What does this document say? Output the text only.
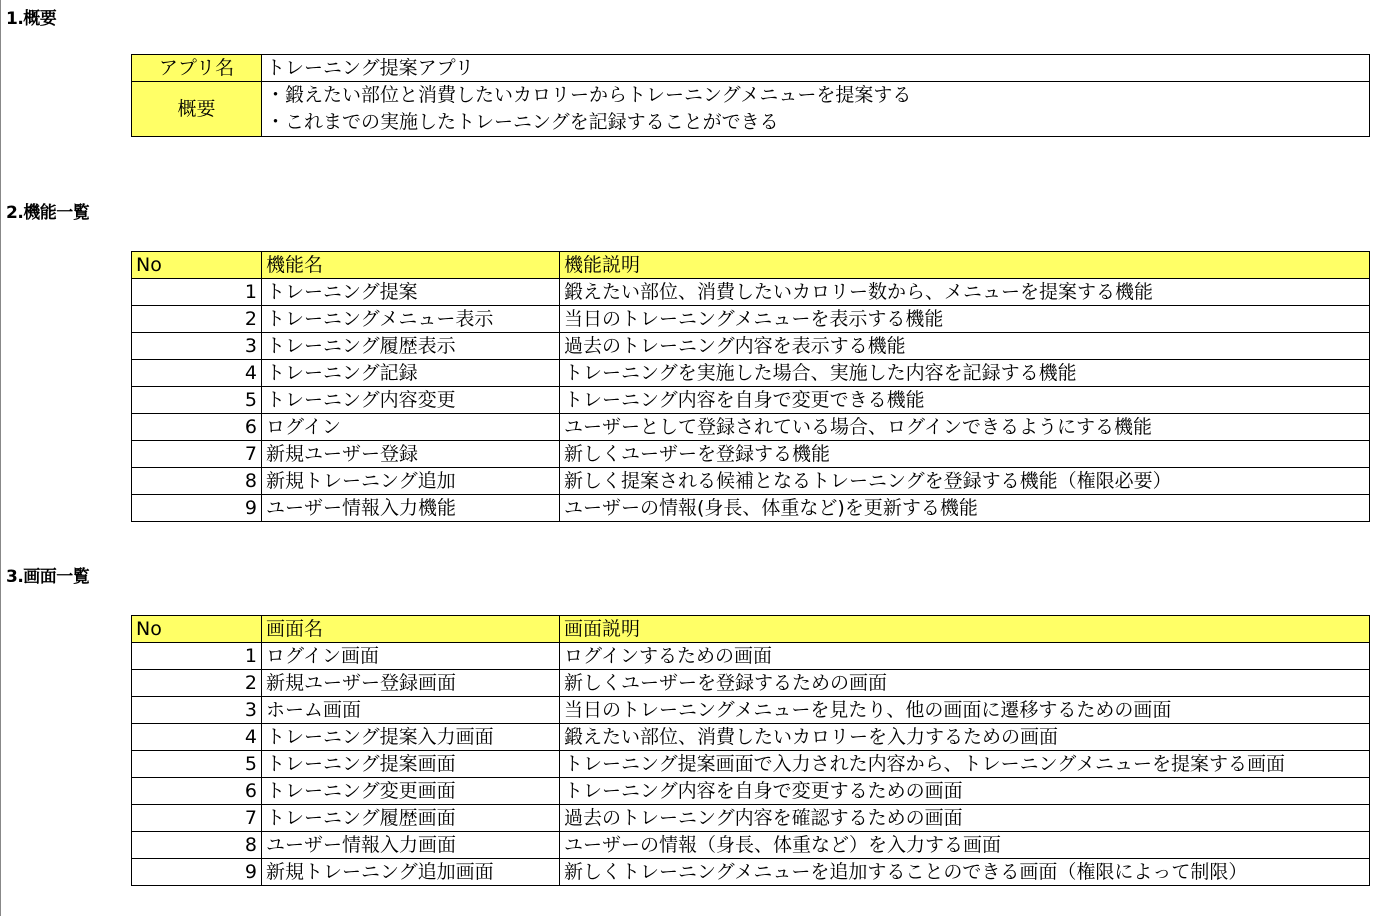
1.概要
アプリ名	トレーニング提案アプリ
概要	・鍛えたい部位と消費したいカロリーからトレーニングメニューを提案する
・これまでの実施したトレーニングを記録することができる
2.機能一覧
No	機能名	機能説明
1	トレーニング提案	鍛えたい部位、消費したいカロリー数から、メニューを提案する機能
2	トレーニングメニュー表示	当日のトレーニングメニューを表示する機能
3	トレーニング履歴表示	過去のトレーニング内容を表示する機能
4	トレーニング記録	トレーニングを実施した場合、実施した内容を記録する機能
5	トレーニング内容変更	トレーニング内容を自身で変更できる機能
6	ログイン	ユーザーとして登録されている場合、ログインできるようにする機能
7	新規ユーザー登録	新しくユーザーを登録する機能
8	新規トレーニング追加	新しく提案される候補となるトレーニングを登録する機能（権限必要）
9	ユーザー情報入力機能	ユーザーの情報(身長、体重など)を更新する機能
3.画面一覧
No	画面名	画面説明
1	ログイン画面	ログインするための画面
2	新規ユーザー登録画面	新しくユーザーを登録するための画面
3	ホーム画面	当日のトレーニングメニューを見たり、他の画面に遷移するための画面
4	トレーニング提案入力画面	鍛えたい部位、消費したいカロリーを入力するための画面
5	トレーニング提案画面	トレーニング提案画面で入力された内容から、トレーニングメニューを提案する画面
6	トレーニング変更画面	トレーニング内容を自身で変更するための画面
7	トレーニング履歴画面	過去のトレーニング内容を確認するための画面
8	ユーザー情報入力画面	ユーザーの情報（身長、体重など）を入力する画面
9	新規トレーニング追加画面	新しくトレーニングメニューを追加することのできる画面（権限によって制限）
